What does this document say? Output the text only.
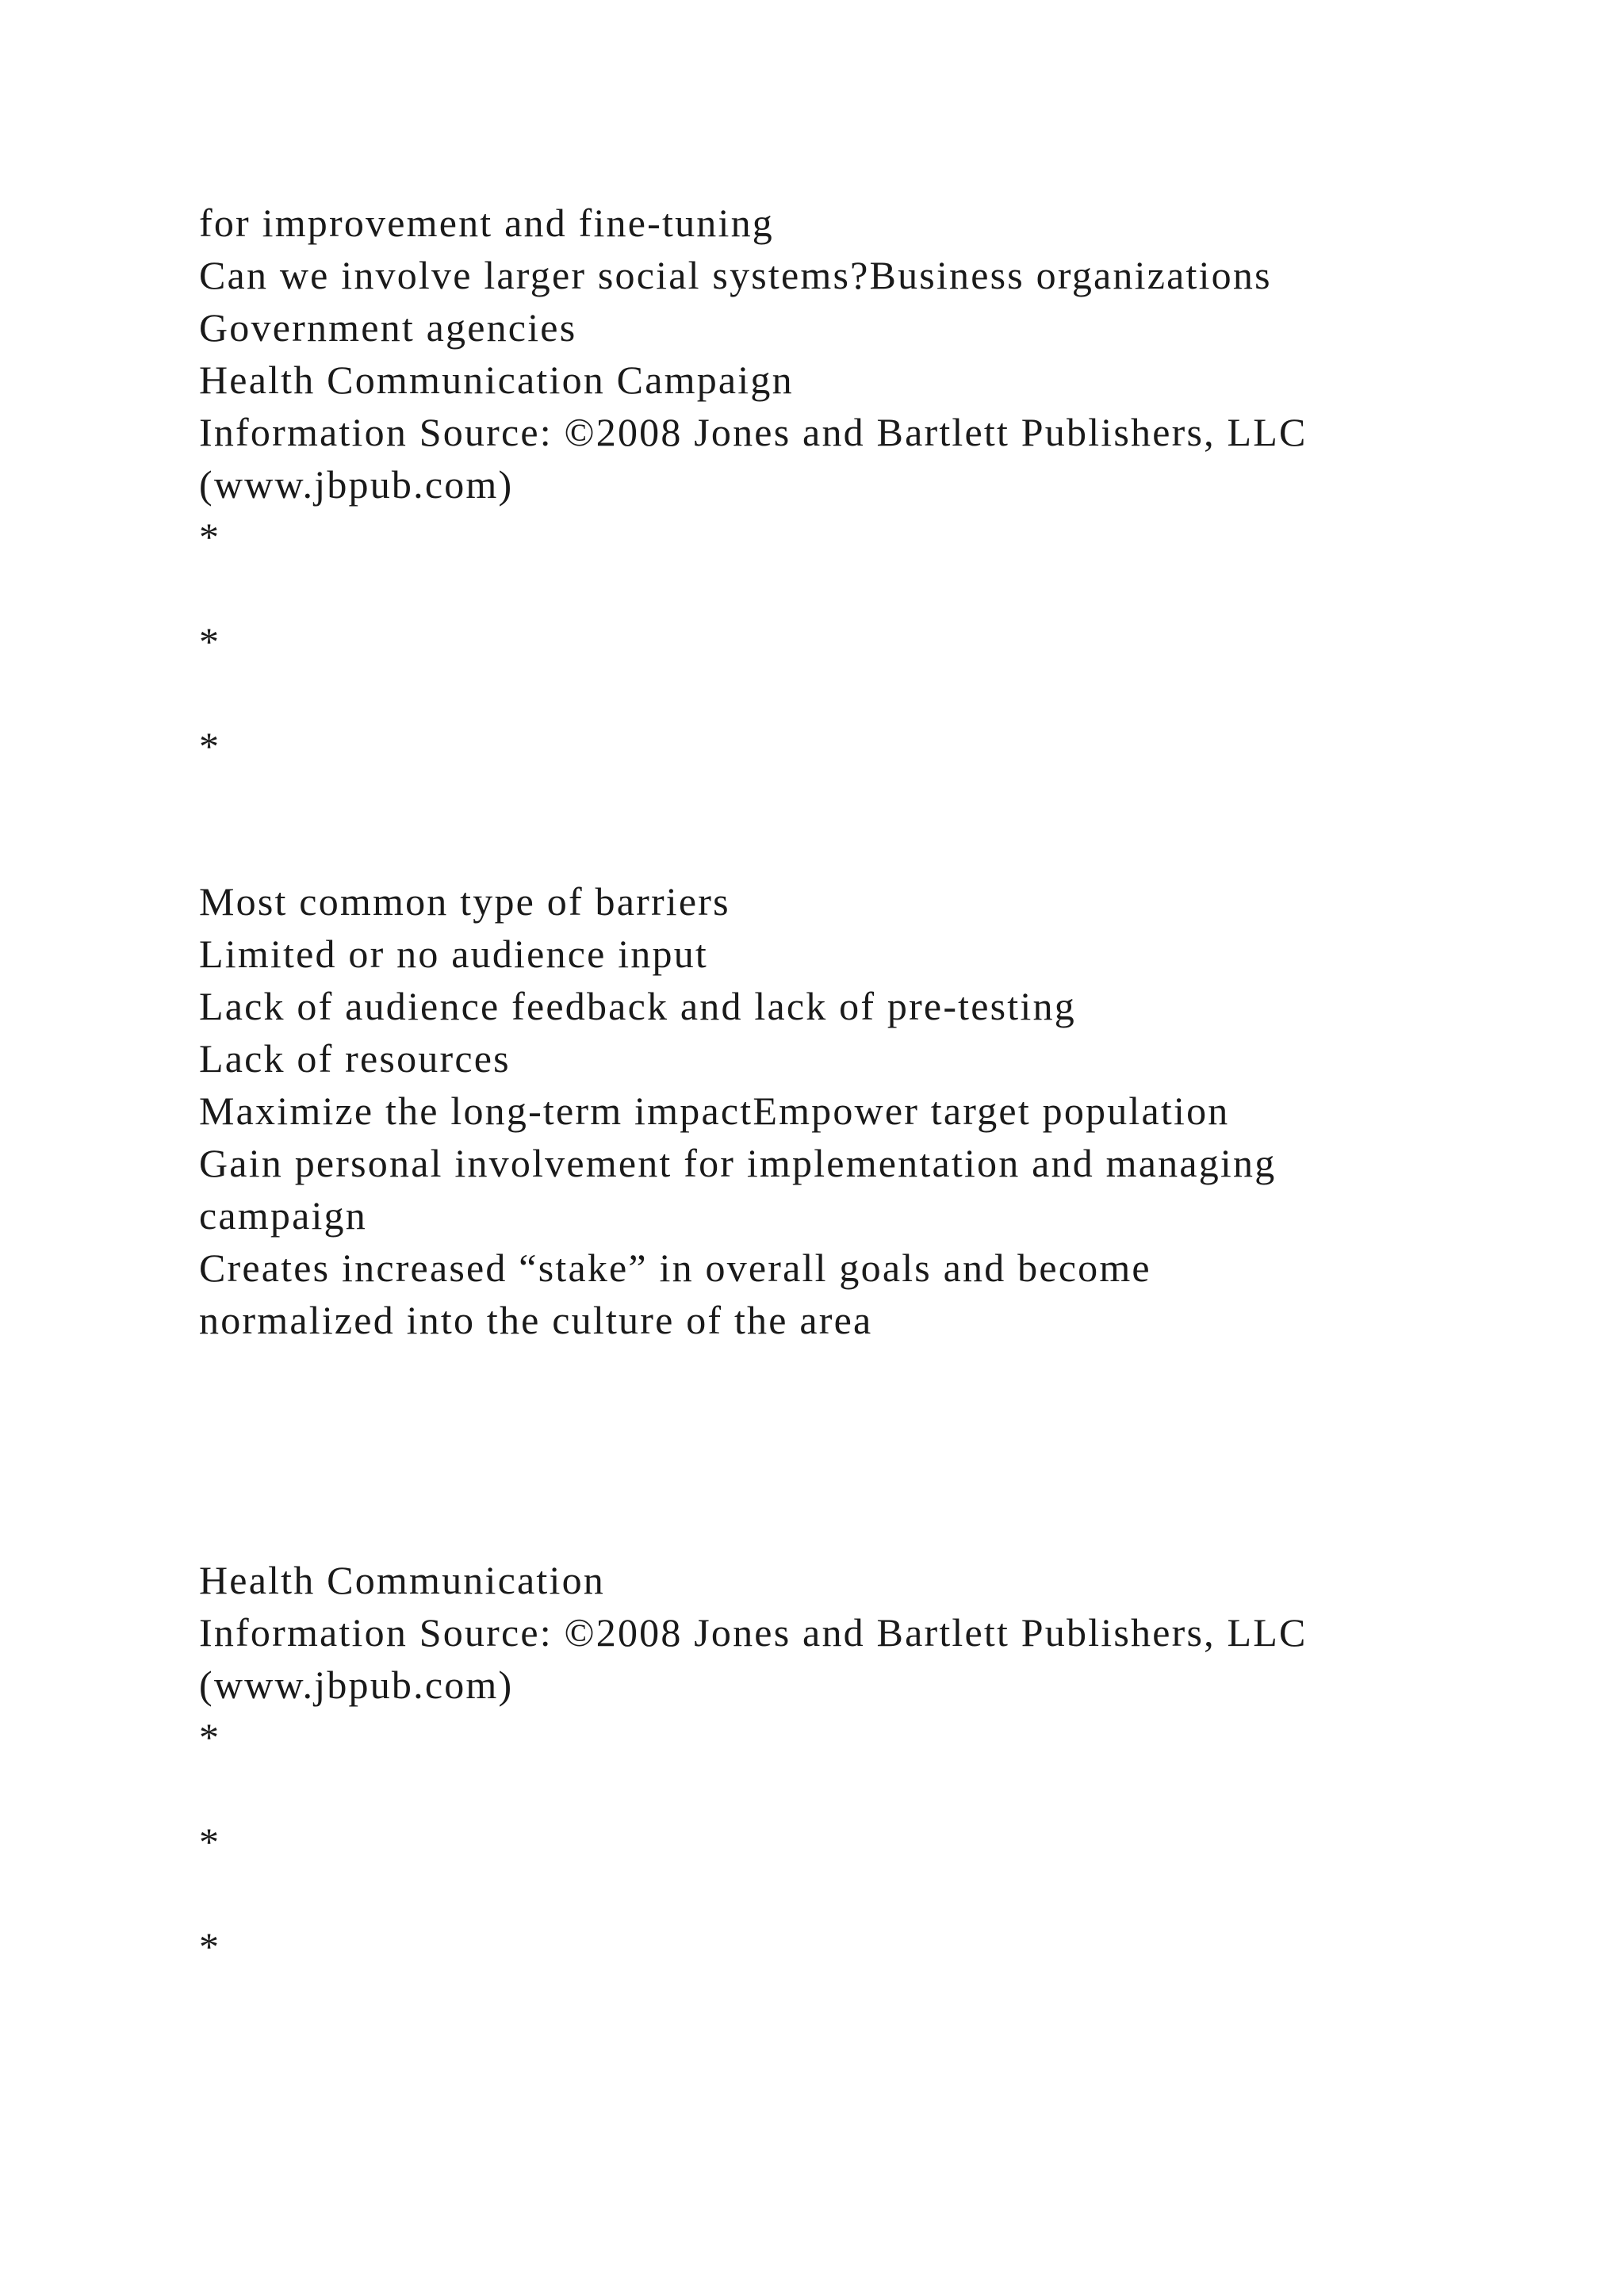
for improvement and fine-tuning
Can we involve larger social systems?Business organizations
Government agencies
Health Communication Campaign
Information Source: ©2008 Jones and Bartlett Publishers, LLC
(www.jbpub.com)
*
*
*
Most common type of barriers
Limited or no audience input
Lack of audience feedback and lack of pre-testing
Lack of resources
Maximize the long-term impactEmpower target population
Gain personal involvement for implementation and managing
campaign
Creates increased “stake” in overall goals and become
normalized into the culture of the area
Health Communication
Information Source: ©2008 Jones and Bartlett Publishers, LLC
(www.jbpub.com)
*
*
*
